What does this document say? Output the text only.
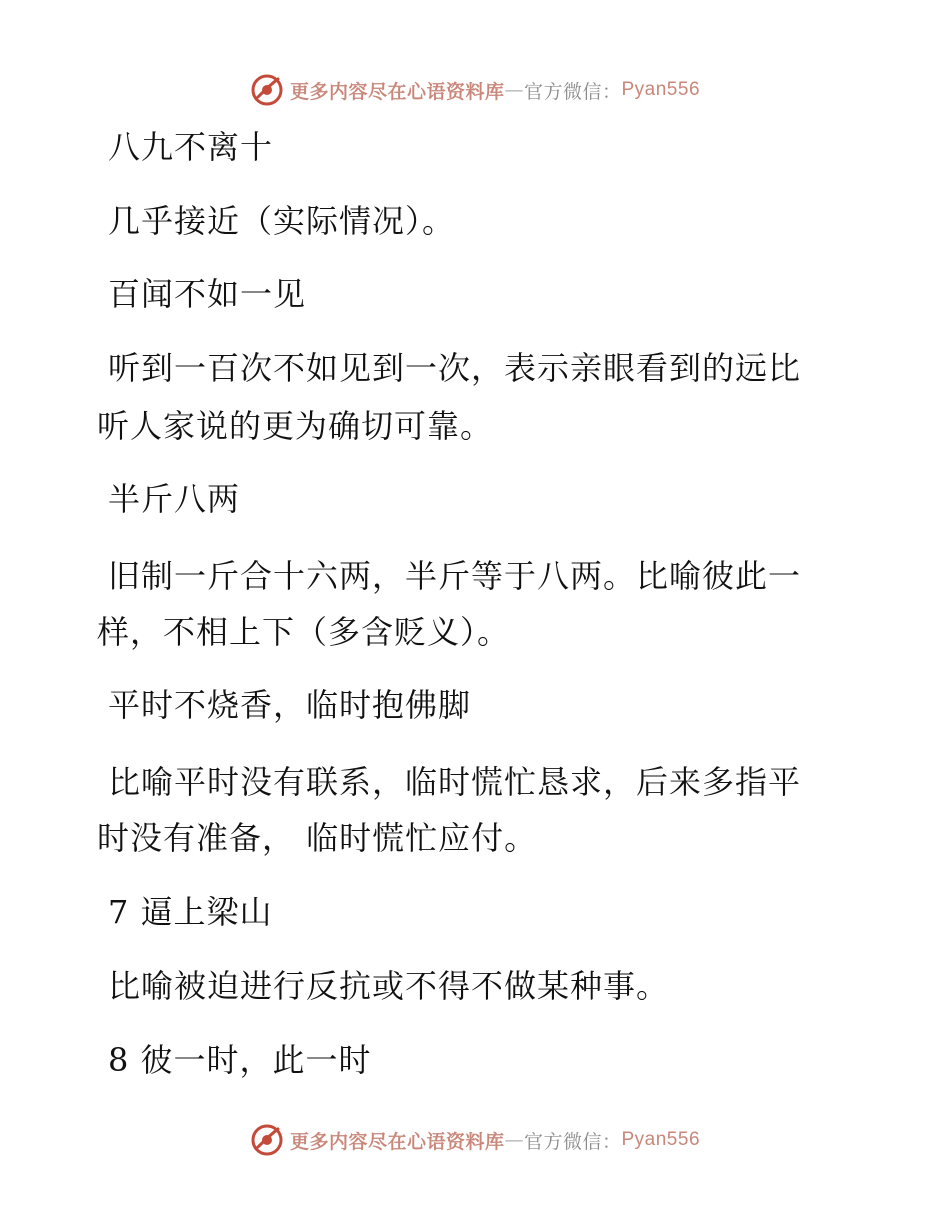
更多内容尽在心语资料库 — 官方微信： Pyan556
八九不离十
几乎接近（实际情况）。
百闻不如一见
听到一百次不如见到一次，表示亲眼看到的远比
听人家说的更为确切可靠。
半斤八两
旧制一斤合十六两，半斤等于八两。比喻彼此一
样，不相上下（多含贬义）。
平时不烧香，临时抱佛脚
比喻平时没有联系，临时慌忙恳求，后来多指平
时没有准备， 临时慌忙应付。
7 逼上梁山
比喻被迫进行反抗或不得不做某种事。
8 彼一时，此一时
更多内容尽在心语资料库 — 官方微信： Pyan556
